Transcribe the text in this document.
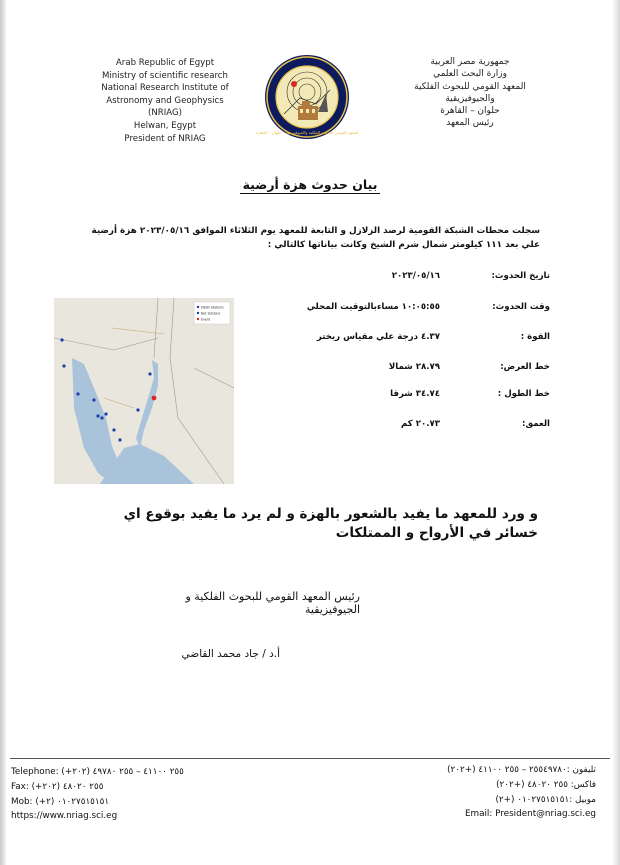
Arab Republic of Egypt
Ministry of scientific research
National Research Institute of
Astronomy and Geophysics
(NRIAG)
Helwan, Egypt
President of NRIAG
المعهد القومي للبحوث الفلكية والجيوفيزيقية - حلوان - القاهرة
جمهورية مصر العربية
وزارة البحث العلمي
المعهد القومي للبحوث الفلكية
والجيوفيزيقية
حلوان – القاهرة
رئيس المعهد
بيان حدوث هزة أرضية
سجلت محطات الشبكة القومية لرصد الزلازل و التابعة للمعهد يوم الثلاثاء الموافق ٢٠٢٣/٠٥/١٦ هزة أرضية علي بعد ١١١ كيلومتر شمال شرم الشيخ وكانت بياناتها كالتالي :
تاريخ الحدوث:
٢٠٢٣/٠٥/١٦
وقت الحدوث:
١٠:٠٥:٥٥ مساءبالتوقيت المحلي
القوة :
٤.٣٧ درجة علي مقياس ريختر
خط العرض:
٢٨.٧٩ شمالا
خط الطول :
٣٤.٧٤ شرقا
العمق:
٢٠.٧٣ كم
ENSN Stations
Net stations
Event
و ورد للمعهد ما يفيد بالشعور بالهزة و لم يرد ما يفيد بوقوع اي خسائر في الأرواح و الممتلكات
رئيس المعهد القومي للبحوث الفلكية و الجيوفيزيقية
أ.د / جاد محمد القاضي
Telephone: (+٢٠٢) ٢٥٥ ٤١١٠٠ – ٢٥٥ ٤٩٧٨٠
Fax: (+٢٠٢) ٢٥٥ ٤٨٠٢٠
Mob: (+٢) ٠١٠٢٧٥١٥١٥١
https://www.nriag.sci.eg
تليفون :٢٥٥٤٩٧٨٠ – ٢٥٥ ٤١١٠٠ (+٢٠٢)
فاكس: ٢٥٥ ٤٨٠٢٠ (+٢٠٢)
موبيل :٠١٠٢٧٥١٥١٥١ (+٢)
Email: President@nriag.sci.eg
